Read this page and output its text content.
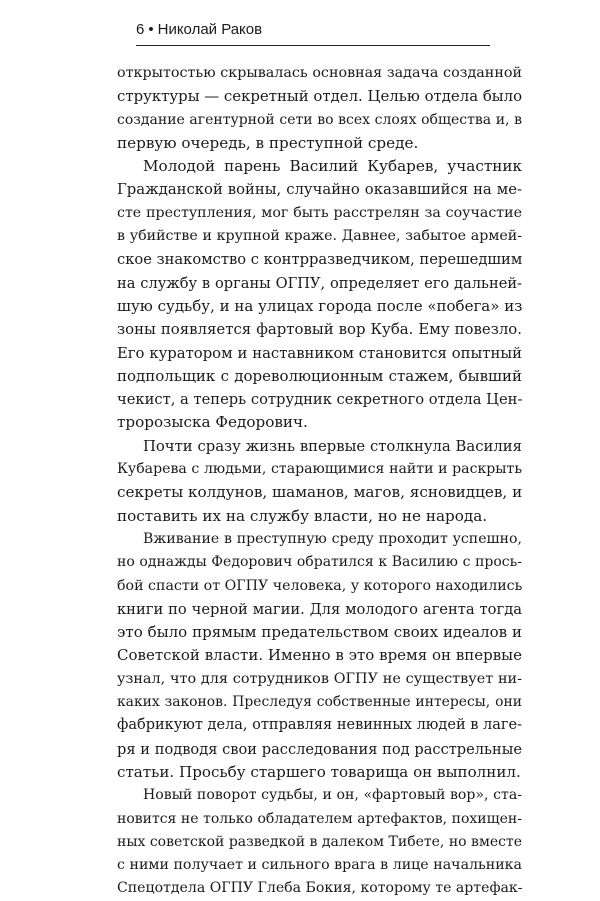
6 • Николай Раков
открытостью скрывалась основная задача созданной
структуры — секретный отдел. Целью отдела было
создание агентурной сети во всех слоях общества и, в
первую очередь, в преступной среде.
Молодой парень Василий Кубарев, участник
Гражданской войны, случайно оказавшийся на ме-
сте преступления, мог быть расстрелян за соучастие
в убийстве и крупной краже. Давнее, забытое армей-
ское знакомство с контрразведчиком, перешедшим
на службу в органы ОГПУ, определяет его дальней-
шую судьбу, и на улицах города после «побега» из
зоны появляется фартовый вор Куба. Ему повезло.
Его куратором и наставником становится опытный
подпольщик с дореволюционным стажем, бывший
чекист, а теперь сотрудник секретного отдела Цен-
тророзыска Федорович.
Почти сразу жизнь впервые столкнула Василия
Кубарева с людьми, старающимися найти и раскрыть
секреты колдунов, шаманов, магов, ясновидцев, и
поставить их на службу власти, но не народа.
Вживание в преступную среду проходит успешно,
но однажды Федорович обратился к Василию с прось-
бой спасти от ОГПУ человека, у которого находились
книги по черной магии. Для молодого агента тогда
это было прямым предательством своих идеалов и
Советской власти. Именно в это время он впервые
узнал, что для сотрудников ОГПУ не существует ни-
каких законов. Преследуя собственные интересы, они
фабрикуют дела, отправляя невинных людей в лаге-
ря и подводя свои расследования под расстрельные
статьи. Просьбу старшего товарища он выполнил.
Новый поворот судьбы, и он, «фартовый вор», ста-
новится не только обладателем артефактов, похищен-
ных советской разведкой в далеком Тибете, но вместе
с ними получает и сильного врага в лице начальника
Спецотдела ОГПУ Глеба Бокия, которому те артефак-
